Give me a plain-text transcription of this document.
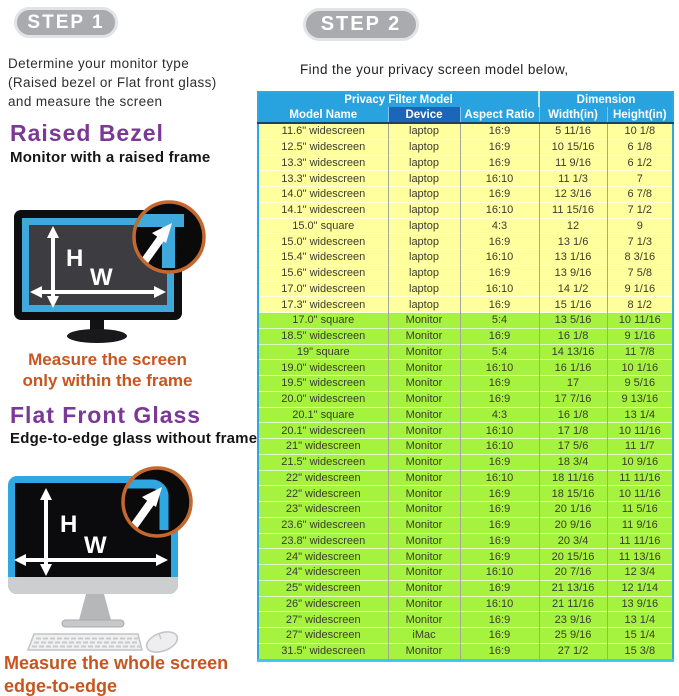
STEP 1
Determine your monitor type
(Raised bezel or Flat front glass)
and measure the screen
Raised Bezel
Monitor with a raised frame
H
W
Measure the screen
only within the frame
Flat Front Glass
Edge-to-edge glass without frame
H
W
Measure the whole screen
edge-to-edge
STEP 2
Find the your privacy screen model below,
Privacy Filter Model			Dimension	
Model Name	Device	Aspect Ratio	Width(in)	Height(in)
11.6" widescreen	laptop	16:9	5 11/16	10 1/8
12.5" widescreen	laptop	16:9	10 15/16	6 1/8
13.3" widescreen	laptop	16:9	11 9/16	6 1/2
13.3" widescreen	laptop	16:10	11 1/3	7
14.0" widescreen	laptop	16:9	12 3/16	6 7/8
14.1" widescreen	laptop	16:10	11 15/16	7 1/2
15.0" square	laptop	4:3	12	9
15.0" widescreen	laptop	16:9	13 1/6	7 1/3
15.4" widescreen	laptop	16:10	13 1/16	8 3/16
15.6" widescreen	laptop	16:9	13 9/16	7 5/8
17.0" widescreen	laptop	16:10	14 1/2	9 1/16
17.3" widescreen	laptop	16:9	15 1/16	8 1/2
17.0" square	Monitor	5:4	13 5/16	10 11/16
18.5" widescreen	Monitor	16:9	16 1/8	9 1/16
19" square	Monitor	5:4	14 13/16	11 7/8
19.0" widescreen	Monitor	16:10	16 1/16	10 1/16
19.5" widescreen	Monitor	16:9	17	9 5/16
20.0" widescreen	Monitor	16:9	17 7/16	9 13/16
20.1" square	Monitor	4:3	16 1/8	13 1/4
20.1" widescreen	Monitor	16:10	17 1/8	10 11/16
21" widescreen	Monitor	16:10	17 5/6	11 1/7
21.5" widescreen	Monitor	16:9	18 3/4	10 9/16
22" widescreen	Monitor	16:10	18 11/16	11 11/16
22" widescreen	Monitor	16:9	18 15/16	10 11/16
23" widescreen	Monitor	16:9	20 1/16	11 5/16
23.6" widescreen	Monitor	16:9	20 9/16	11 9/16
23.8" widescreen	Monitor	16:9	20 3/4	11 11/16
24" widescreen	Monitor	16:9	20 15/16	11 13/16
24" widescreen	Monitor	16:10	20 7/16	12 3/4
25" widescreen	Monitor	16:9	21 13/16	12 1/14
26" widescreen	Monitor	16:10	21 11/16	13 9/16
27" widescreen	Monitor	16:9	23 9/16	13 1/4
27" widescreen	iMac	16:9	25 9/16	15 1/4
31.5" widescreen	Monitor	16:9	27 1/2	15 3/8
